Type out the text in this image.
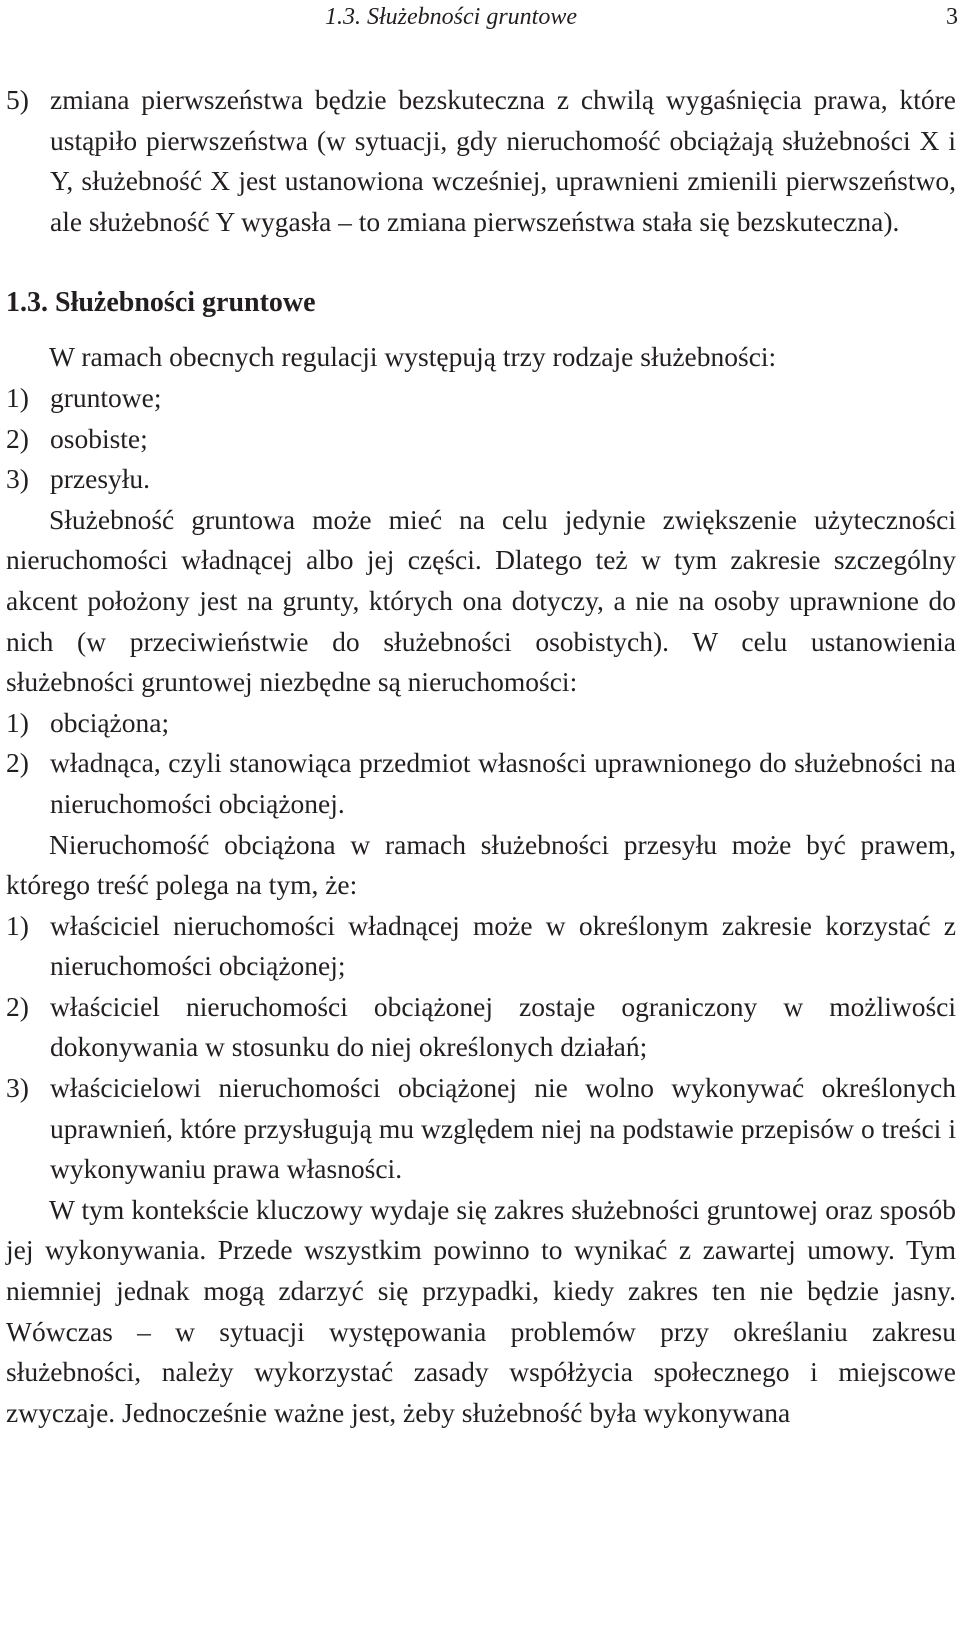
1.3. Służebności gruntowe	3
5) zmiana pierwszeństwa będzie bezskuteczna z chwilą wygaśnięcia prawa, które ustąpiło pierwszeństwa (w sytuacji, gdy nieruchomość obciążają służebności X i Y, służebność X jest ustanowiona wcześniej, uprawnieni zmienili pierwszeństwo, ale służebność Y wygasła – to zmiana pierwszeństwa stała się bezskuteczna).
1.3. Służebności gruntowe

W ramach obecnych regulacji występują trzy rodzaje służebności:

1) gruntowe;
2) osobiste;
3) przesyłu.

Służebność gruntowa może mieć na celu jedynie zwiększenie użyteczności nieruchomości władnącej albo jej części. Dlatego też w tym zakresie szczególny akcent położony jest na grunty, których ona dotyczy, a nie na osoby uprawnione do nich (w przeciwieństwie do służebności osobistych). W celu ustanowienia służebności gruntowej niezbędne są nieruchomości:

1) obciążona;
2) władnąca, czyli stanowiąca przedmiot własności uprawnionego do służebności na nieruchomości obciążonej.

Nieruchomość obciążona w ramach służebności przesyłu może być prawem, którego treść polega na tym, że:

1) właściciel nieruchomości władnącej może w określonym zakresie korzystać z nieruchomości obciążonej;
2) właściciel nieruchomości obciążonej zostaje ograniczony w możliwości dokonywania w stosunku do niej określonych działań;
3) właścicielowi nieruchomości obciążonej nie wolno wykonywać określonych uprawnień, które przysługują mu względem niej na podstawie przepisów o treści i wykonywaniu prawa własności.

W tym kontekście kluczowy wydaje się zakres służebności gruntowej oraz sposób jej wykonywania. Przede wszystkim powinno to wynikać z zawartej umowy. Tym niemniej jednak mogą zdarzyć się przypadki, kiedy zakres ten nie będzie jasny. Wówczas – w sytuacji występowania problemów przy określaniu zakresu służebności, należy wykorzystać zasady współżycia społecznego i miejscowe zwyczaje. Jednocześnie ważne jest, żeby służebność była wykonywana
